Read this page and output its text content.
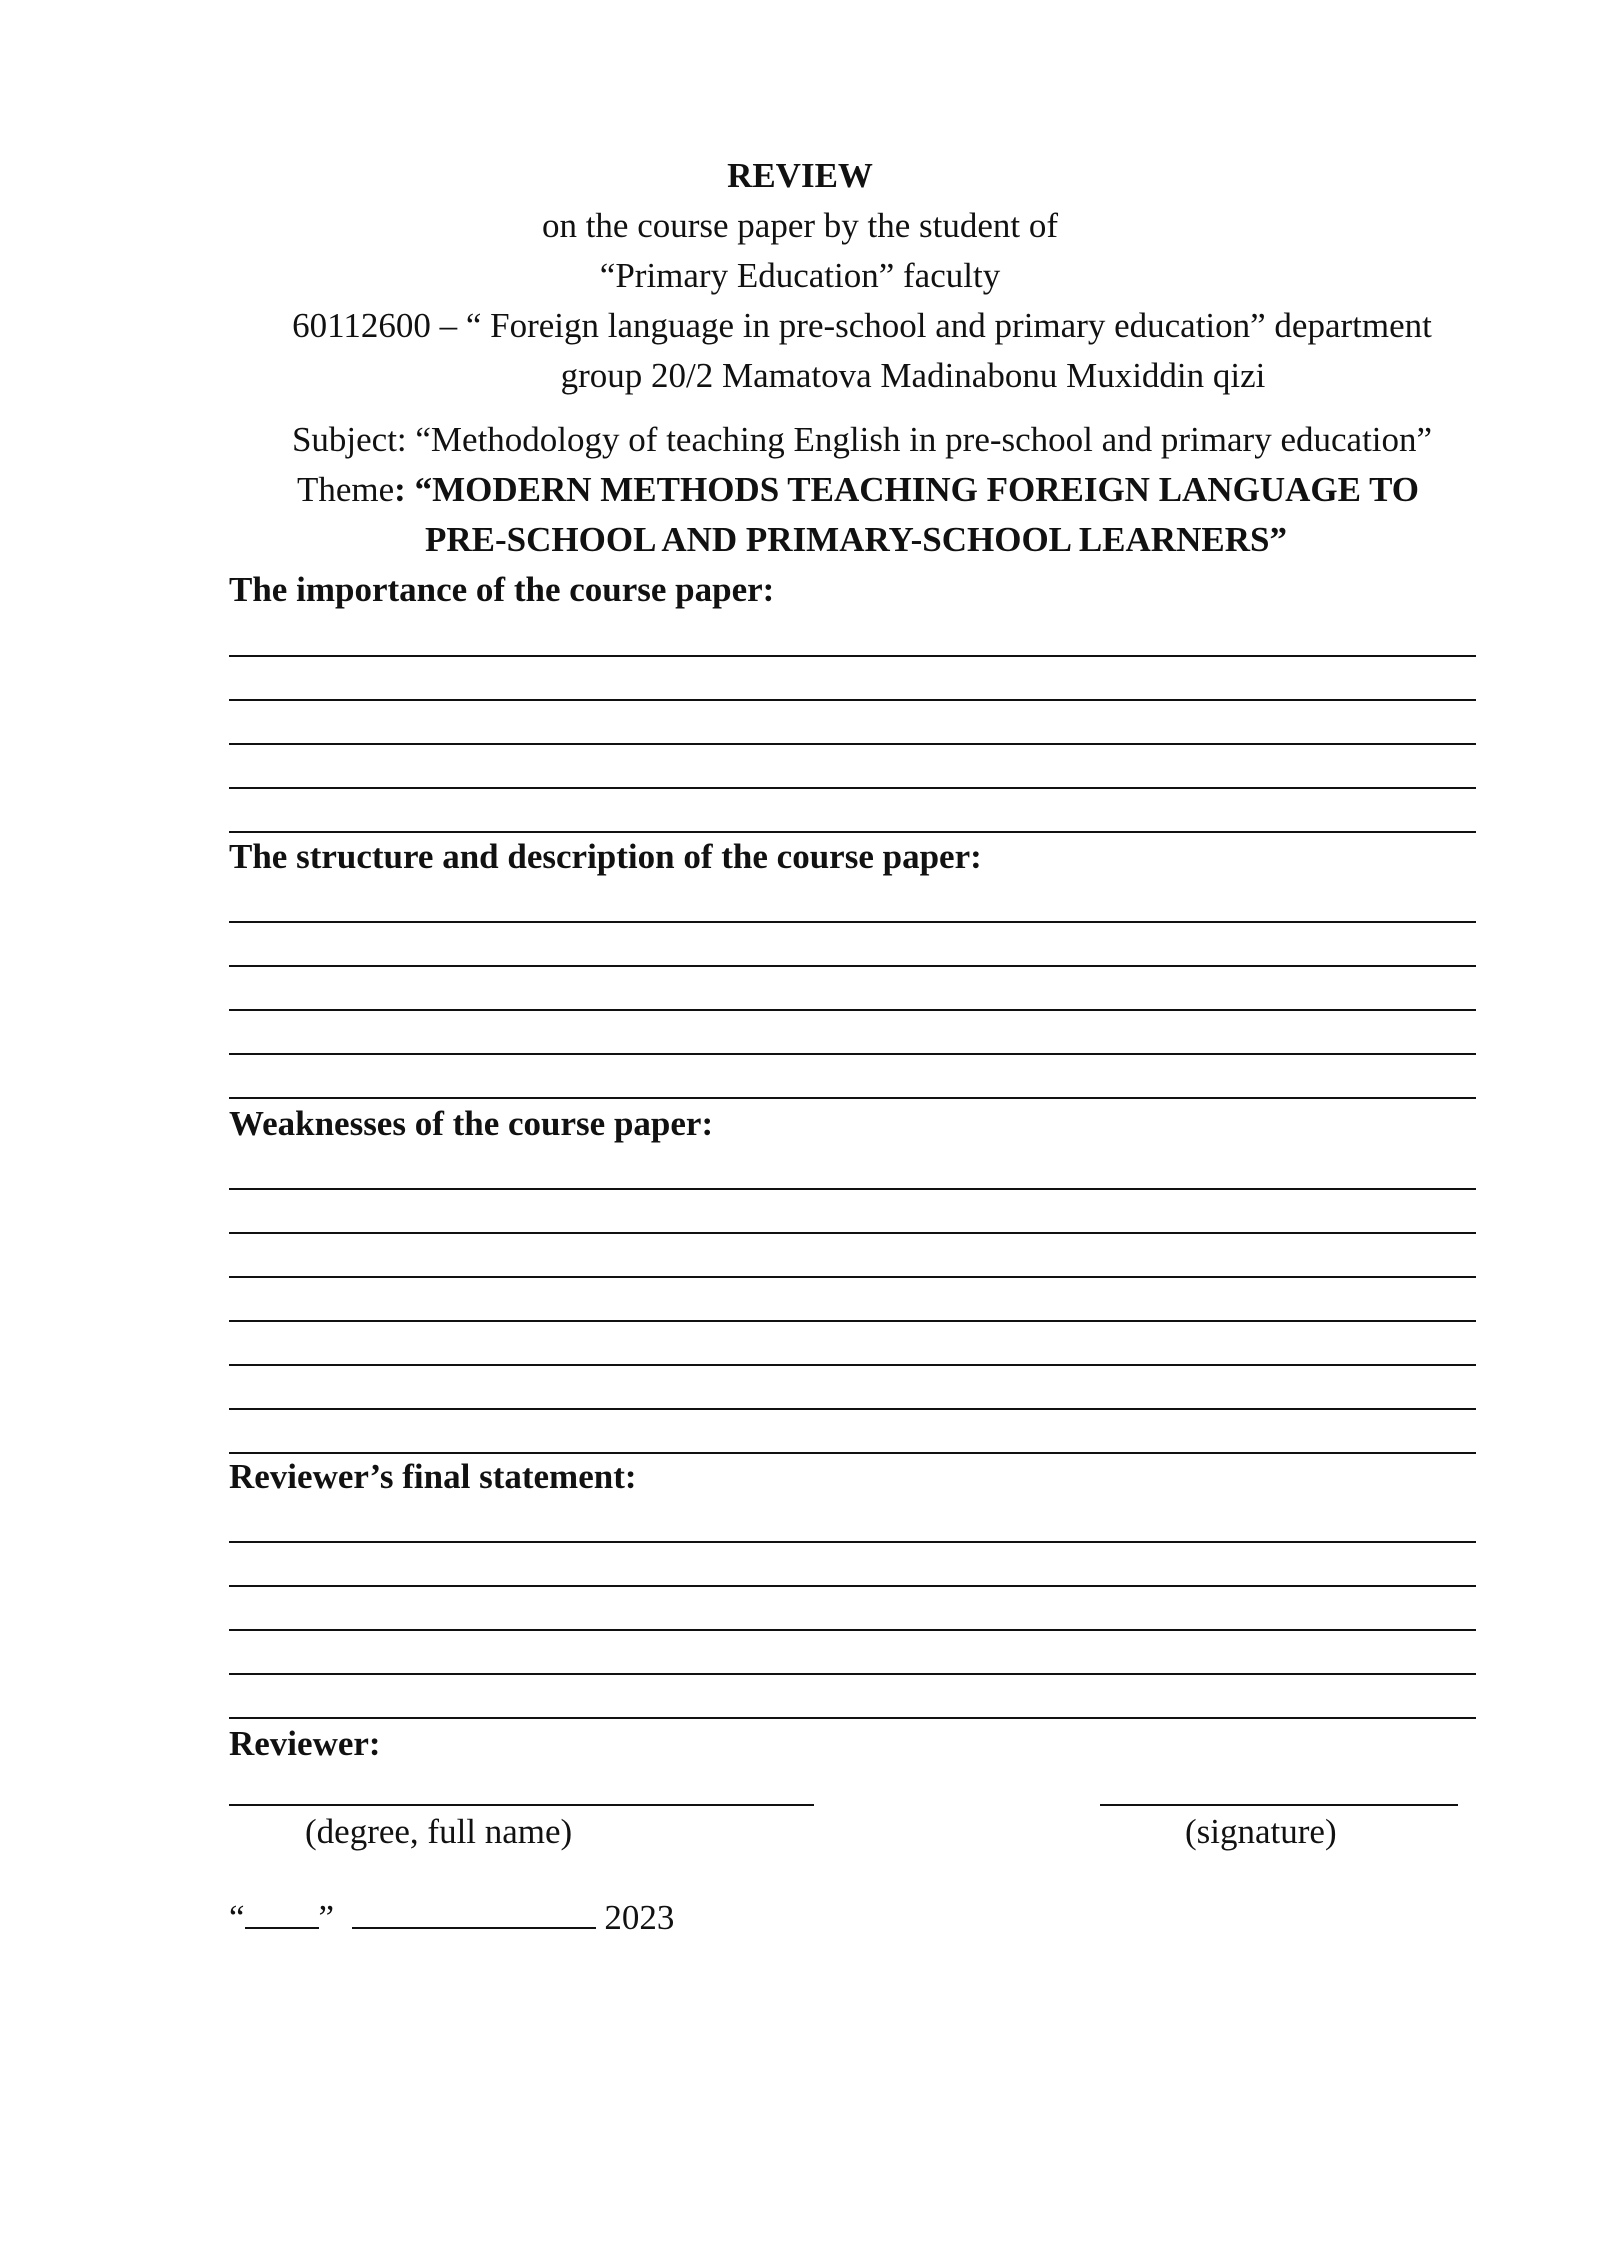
REVIEW
on the course paper by the student of
“Primary Education” faculty
60112600 – “ Foreign language in pre-school and primary education” department
group 20/2 Mamatova Madinabonu Muxiddin qizi
Subject: “Methodology of teaching English in pre-school and primary education”
Theme: “MODERN METHODS TEACHING FOREIGN LANGUAGE TO
PRE-SCHOOL AND PRIMARY-SCHOOL LEARNERS”
The importance of the course paper:
The structure and description of the course paper:
Weaknesses of the course paper:
Reviewer’s final statement:
Reviewer:
(degree, full name)	(signature)
“ ”	2023
